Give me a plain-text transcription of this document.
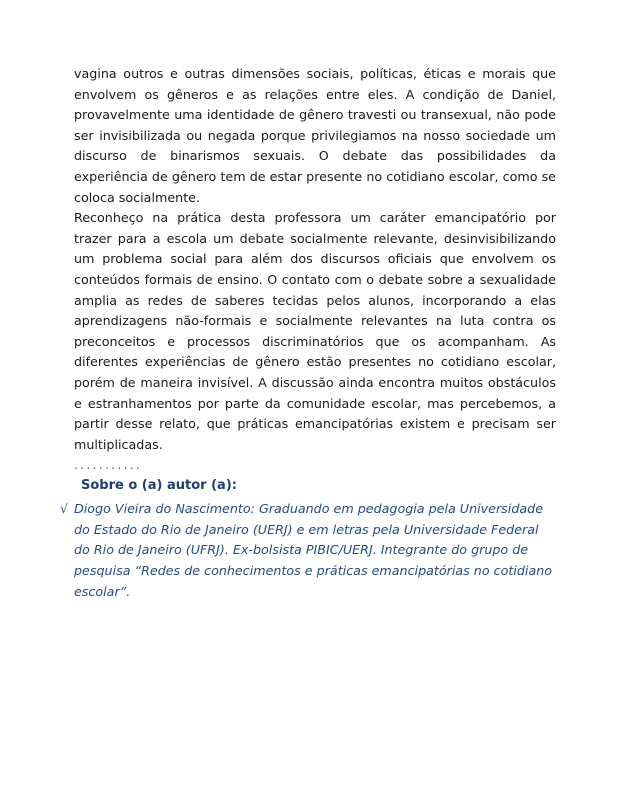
vagina outros e outras dimensões sociais, políticas, éticas e morais que envolvem os gêneros e as relações entre eles. A condição de Daniel, provavelmente uma identidade de gênero travesti ou transexual, não pode ser invisibilizada ou negada porque privilegiamos na nosso sociedade um discurso de binarismos sexuais. O debate das possibilidades da experiência de gênero tem de estar presente no cotidiano escolar, como se coloca socialmente.

Reconheço na prática desta professora um caráter emancipatório por trazer para a escola um debate socialmente relevante, desinvisibilizando um problema social para além dos discursos oficiais que envolvem os conteúdos formais de ensino. O contato com o debate sobre a sexualidade amplia as redes de saberes tecidas pelos alunos, incorporando a elas aprendizagens não-formais e socialmente relevantes na luta contra os preconceitos e processos discriminatórios que os acompanham. As diferentes experiências de gênero estão presentes no cotidiano escolar, porém de maneira invisível. A discussão ainda encontra muitos obstáculos e estranhamentos por parte da comunidade escolar, mas percebemos, a partir desse relato, que práticas emancipatórias existem e precisam ser multiplicadas.

...........
Sobre o (a) autor (a):
√ Diogo Vieira do Nascimento: Graduando em pedagogia pela Universidade do Estado do Rio de Janeiro (UERJ) e em letras pela Universidade Federal do Rio de Janeiro (UFRJ). Ex-bolsista PIBIC/UERJ. Integrante do grupo de pesquisa “Redes de conhecimentos e práticas emancipatórias no cotidiano escolar”.
